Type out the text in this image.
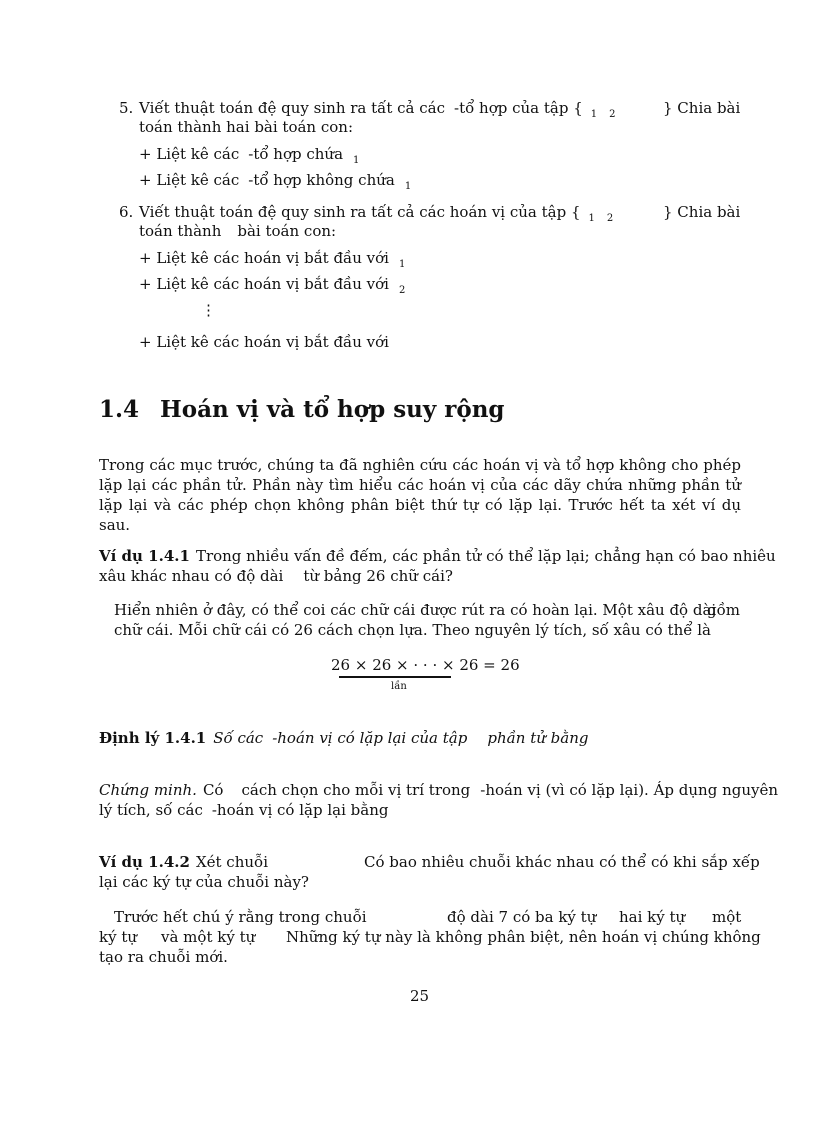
5. Viết thuật toán đệ quy sinh ra tất cả các -tổ hợp của tập { $_1$ $_2$	} Chia bài
toán thành hai bài toán con:
+ Liệt kê các -tổ hợp chứa $_1$
+ Liệt kê các -tổ hợp không chứa $_1$
6. Viết thuật toán đệ quy sinh ra tất cả các hoán vị của tập { $_1$ $_2$	} Chia bài
toán thành bài toán con:
+ Liệt kê các hoán vị bắt đầu với $_1$
+ Liệt kê các hoán vị bắt đầu với $_2$
⋮
+ Liệt kê các hoán vị bắt đầu với
1.4 Hoán vị và tổ hợp suy rộng
Trong các mục trước, chúng ta đã nghiên cứu các hoán vị và tổ hợp không cho phép lặp lại các phần tử. Phần này tìm hiểu các hoán vị của các dãy chứa những phần tử lặp lại và các phép chọn không phân biệt thứ tự có lặp lại. Trước hết ta xét ví dụ sau.
Ví dụ 1.4.1 Trong nhiều vấn đề đếm, các phần tử có thể lặp lại; chẳng hạn có bao nhiêu
xâu khác nhau có độ dài từ bảng 26 chữ cái?
Hiển nhiên ở đây, có thể coi các chữ cái được rút ra có hoàn lại. Một xâu độ dài
gồm
chữ cái. Mỗi chữ cái có 26 cách chọn lựa. Theo nguyên lý tích, số xâu có thể là
26 × 26 × · · · × 26 = 26
lần
Định lý 1.4.1 Số các -hoán vị có lặp lại của tập phần tử bằng
Chứng minh. Có cách chọn cho mỗi vị trí trong -hoán vị (vì có lặp lại). Áp dụng nguyên
lý tích, số các -hoán vị có lặp lại bằng
Ví dụ 1.4.2 Xét chuỗi	Có bao nhiêu chuỗi khác nhau có thể có khi sắp xếp
lại các ký tự của chuỗi này?
Trước hết chú ý rằng trong chuỗi	độ dài 7 có ba ký tự hai ký tự một
ký tự và một ký tự Những ký tự này là không phân biệt, nên hoán vị chúng không
tạo ra chuỗi mới.
25
